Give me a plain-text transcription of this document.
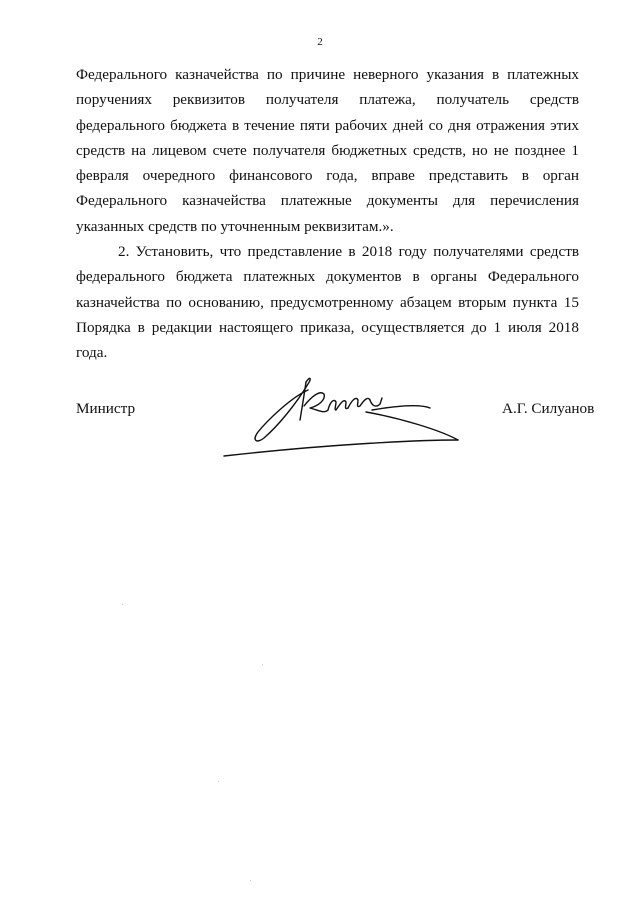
2

Федерального казначейства по причине неверного указания в платежных поручениях реквизитов получателя платежа, получатель средств федерального бюджета в течение пяти рабочих дней со дня отражения этих средств на лицевом счете получателя бюджетных средств, но не позднее 1 февраля очередного финансового года, вправе представить в орган Федерального казначейства платежные документы для перечисления указанных средств по уточненным реквизитам.».

2. Установить, что представление в 2018 году получателями средств федерального бюджета платежных документов в органы Федерального казначейства по основанию, предусмотренному абзацем вторым пункта 15 Порядка в редакции настоящего приказа, осуществляется до 1 июля 2018 года.

Министр	А.Г. Силуанов
